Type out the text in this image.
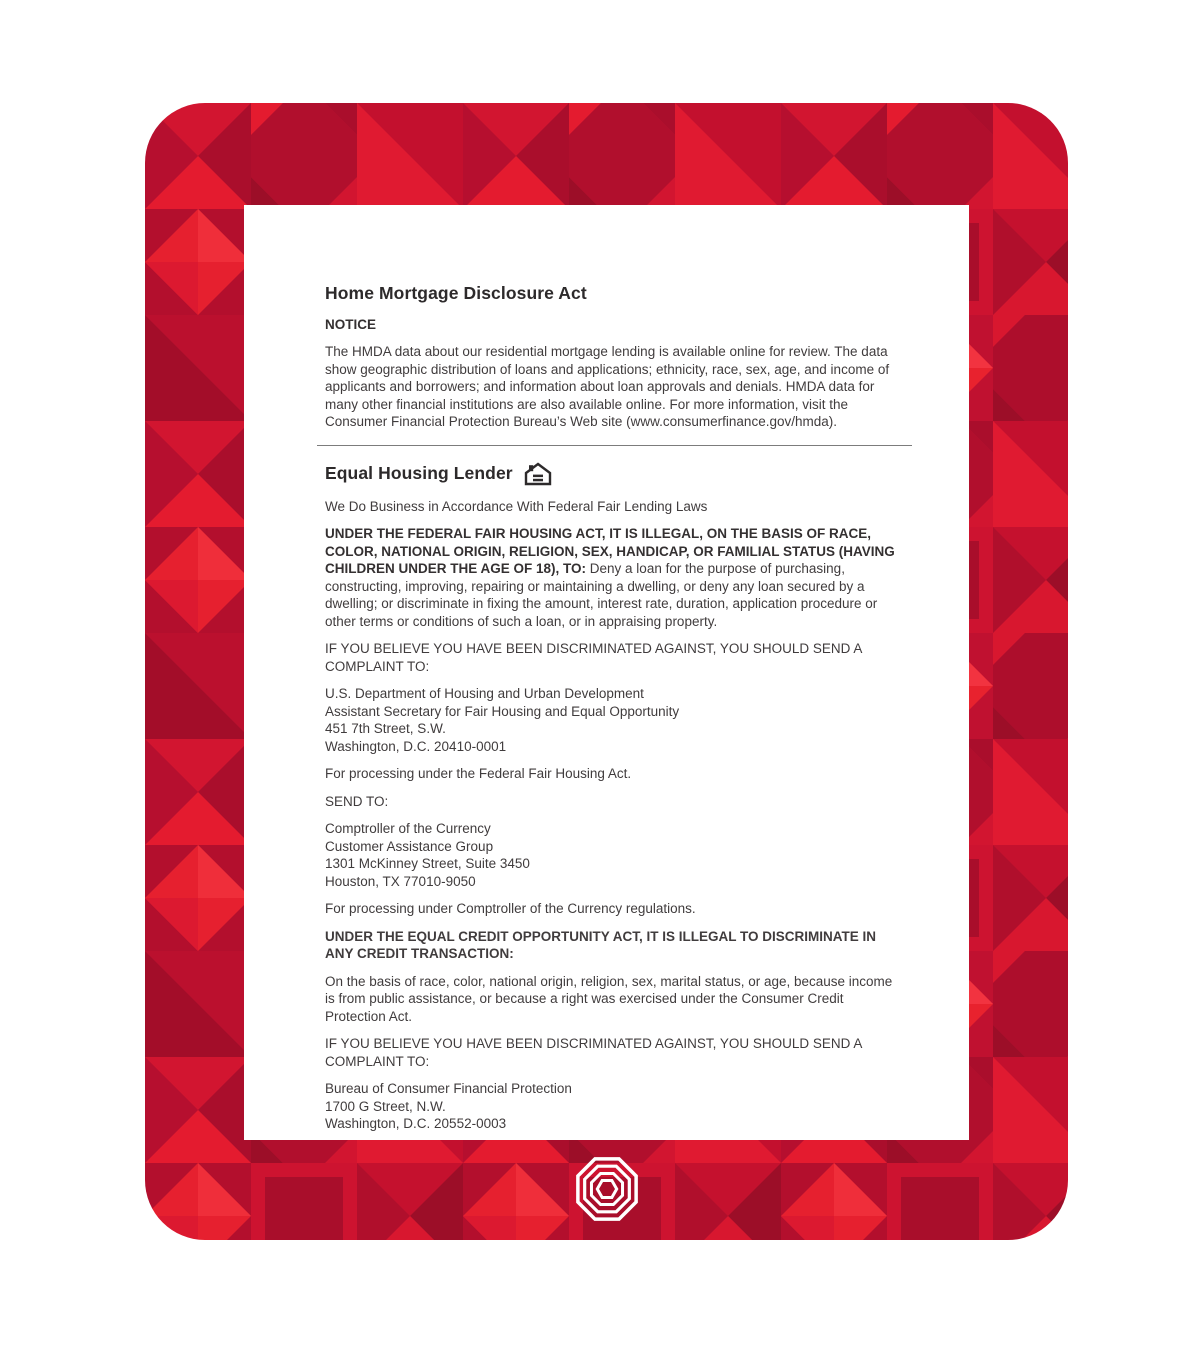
Home Mortgage Disclosure Act
NOTICE

The HMDA data about our residential mortgage lending is available online for review. The data show geographic distribution of loans and applications; ethnicity, race, sex, age, and income of applicants and borrowers; and information about loan approvals and denials. HMDA data for many other financial institutions are also available online. For more information, visit the Consumer Financial Protection Bureau’s Web site (www.consumerfinance.gov/hmda).

Equal Housing Lender

We Do Business in Accordance With Federal Fair Lending Laws

UNDER THE FEDERAL FAIR HOUSING ACT, IT IS ILLEGAL, ON THE BASIS OF RACE, COLOR, NATIONAL ORIGIN, RELIGION, SEX, HANDICAP, OR FAMILIAL STATUS (HAVING CHILDREN UNDER THE AGE OF 18), TO: Deny a loan for the purpose of purchasing, constructing, improving, repairing or maintaining a dwelling, or deny any loan secured by a dwelling; or discriminate in fixing the amount, interest rate, duration, application procedure or other terms or conditions of such a loan, or in appraising property.

IF YOU BELIEVE YOU HAVE BEEN DISCRIMINATED AGAINST, YOU SHOULD SEND A COMPLAINT TO:

U.S. Department of Housing and Urban Development
Assistant Secretary for Fair Housing and Equal Opportunity
451 7th Street, S.W.
Washington, D.C. 20410-0001

For processing under the Federal Fair Housing Act.

SEND TO:

Comptroller of the Currency
Customer Assistance Group
1301 McKinney Street, Suite 3450
Houston, TX 77010-9050

For processing under Comptroller of the Currency regulations.

UNDER THE EQUAL CREDIT OPPORTUNITY ACT, IT IS ILLEGAL TO DISCRIMINATE IN ANY CREDIT TRANSACTION:

On the basis of race, color, national origin, religion, sex, marital status, or age, because income is from public assistance, or because a right was exercised under the Consumer Credit Protection Act.

IF YOU BELIEVE YOU HAVE BEEN DISCRIMINATED AGAINST, YOU SHOULD SEND A COMPLAINT TO:

Bureau of Consumer Financial Protection
1700 G Street, N.W.
Washington, D.C. 20552-0003
